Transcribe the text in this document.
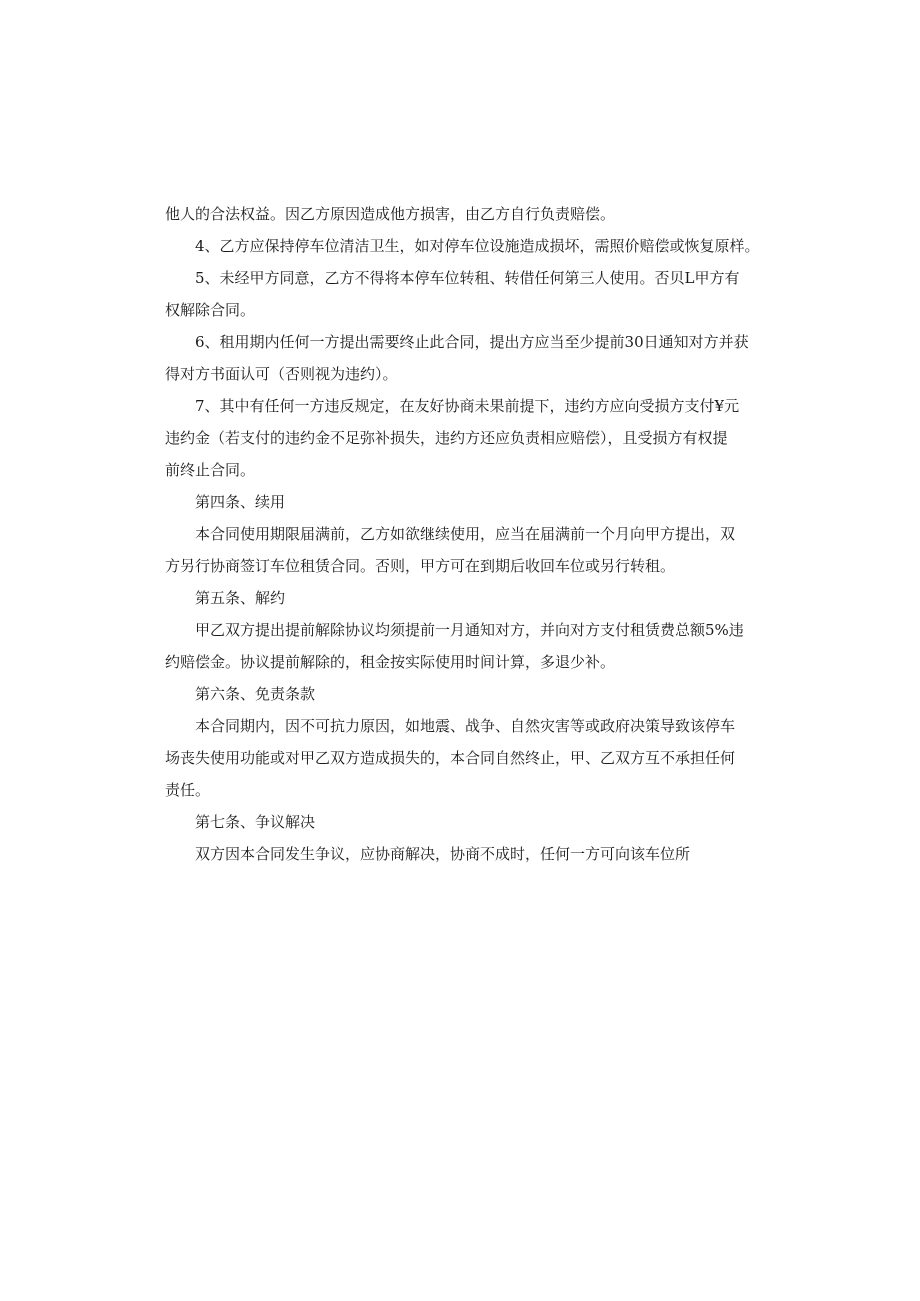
他人的合法权益。因乙方原因造成他方损害，由乙方自行负责赔偿。
4、乙方应保持停车位清洁卫生，如对停车位设施造成损坏，需照价赔偿或恢复原样。
5、未经甲方同意，乙方不得将本停车位转租、转借任何第三人使用。否贝L甲方有
权解除合同。
6、租用期内任何一方提出需要终止此合同，提出方应当至少提前30日通知对方并获
得对方书面认可（否则视为违约）。
7、其中有任何一方违反规定，在友好协商未果前提下，违约方应向受损方支付¥元
违约金（若支付的违约金不足弥补损失，违约方还应负责相应赔偿），且受损方有权提
前终止合同。
第四条、续用
本合同使用期限届满前，乙方如欲继续使用，应当在届满前一个月向甲方提出，双
方另行协商签订车位租赁合同。否则，甲方可在到期后收回车位或另行转租。
第五条、解约
甲乙双方提出提前解除协议均须提前一月通知对方，并向对方支付租赁费总额5%违
约赔偿金。协议提前解除的，租金按实际使用时间计算，多退少补。
第六条、免责条款
本合同期内，因不可抗力原因，如地震、战争、自然灾害等或政府决策导致该停车
场丧失使用功能或对甲乙双方造成损失的，本合同自然终止，甲、乙双方互不承担任何
责任。
第七条、争议解决
双方因本合同发生争议，应协商解决，协商不成时，任何一方可向该车位所
